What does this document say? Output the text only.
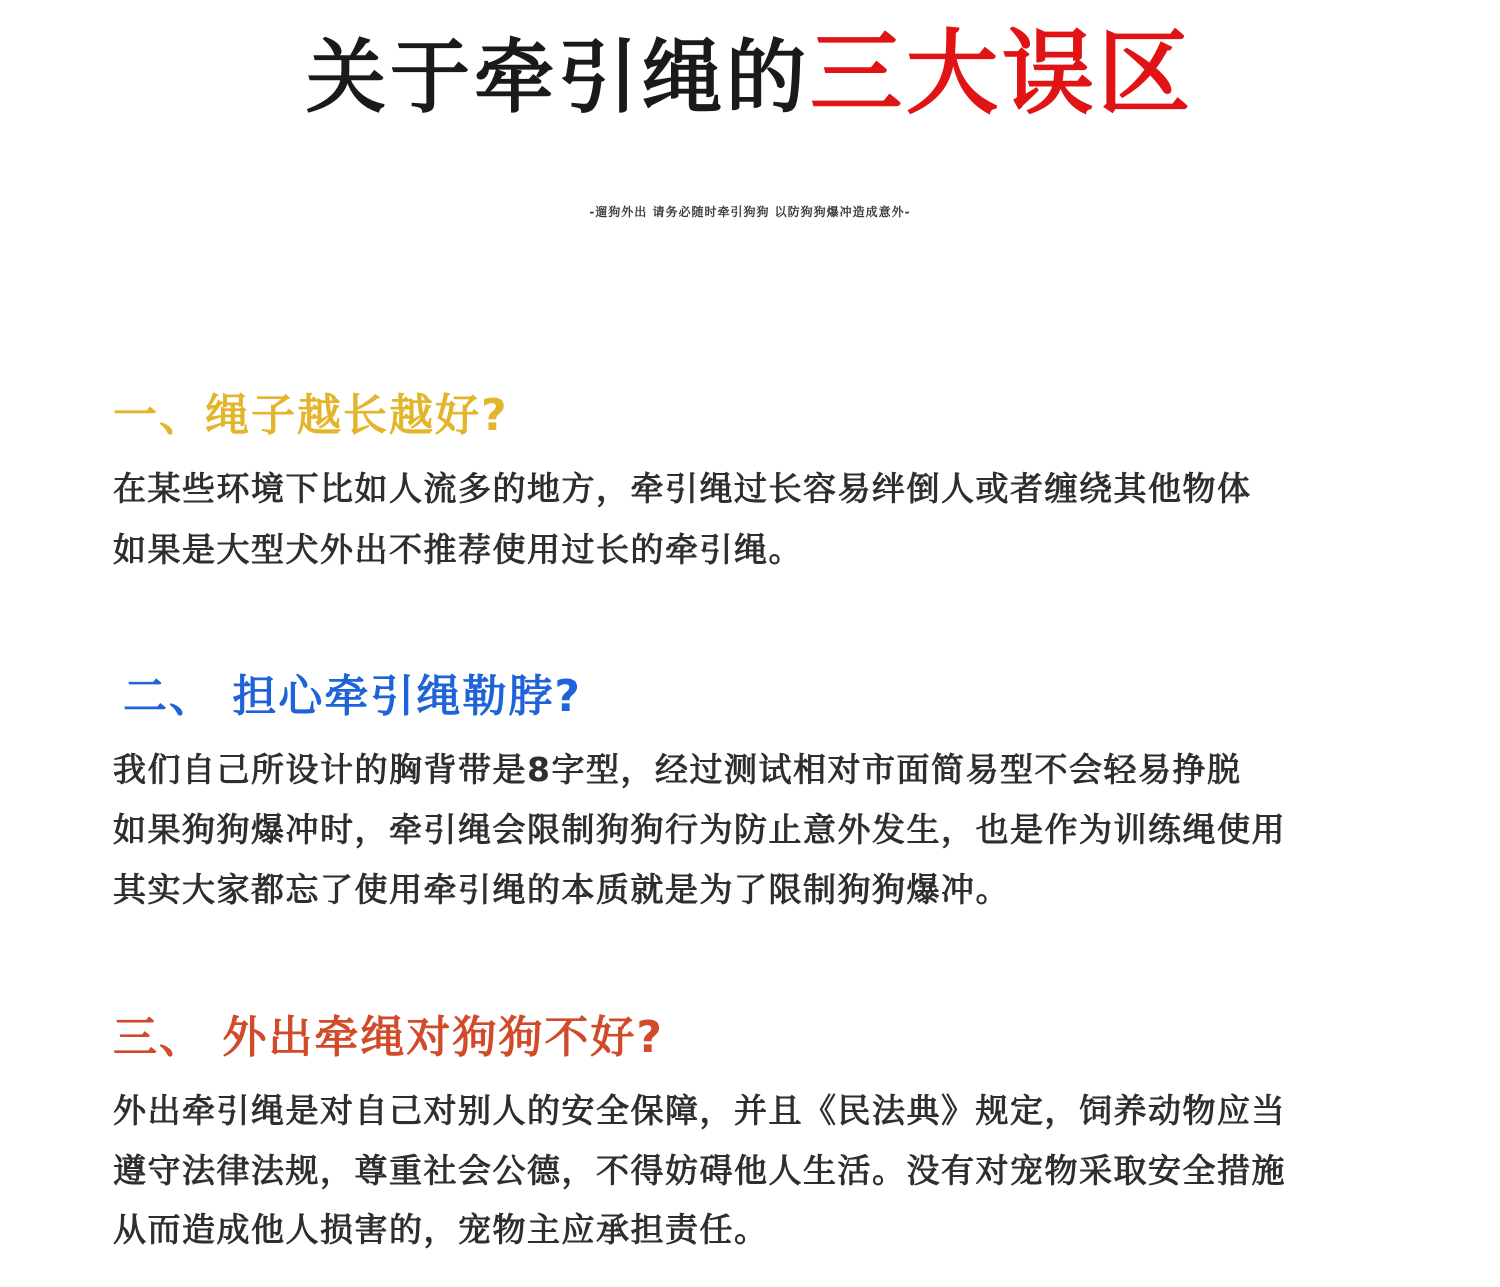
关于牵引绳的三大误区
-遛狗外出 请务必随时牵引狗狗 以防狗狗爆冲造成意外-
一、绳子越长越好?
在某些环境下比如人流多的地方，牵引绳过长容易绊倒人或者缠绕其他物体
如果是大型犬外出不推荐使用过长的牵引绳。
二、 担心牵引绳勒脖?
我们自己所设计的胸背带是8字型，经过测试相对市面简易型不会轻易挣脱
如果狗狗爆冲时，牵引绳会限制狗狗行为防止意外发生，也是作为训练绳使用
其实大家都忘了使用牵引绳的本质就是为了限制狗狗爆冲。
三、 外出牵绳对狗狗不好?
外出牵引绳是对自己对别人的安全保障，并且《民法典》规定，饲养动物应当
遵守法律法规，尊重社会公德，不得妨碍他人生活。没有对宠物采取安全措施
从而造成他人损害的，宠物主应承担责任。
